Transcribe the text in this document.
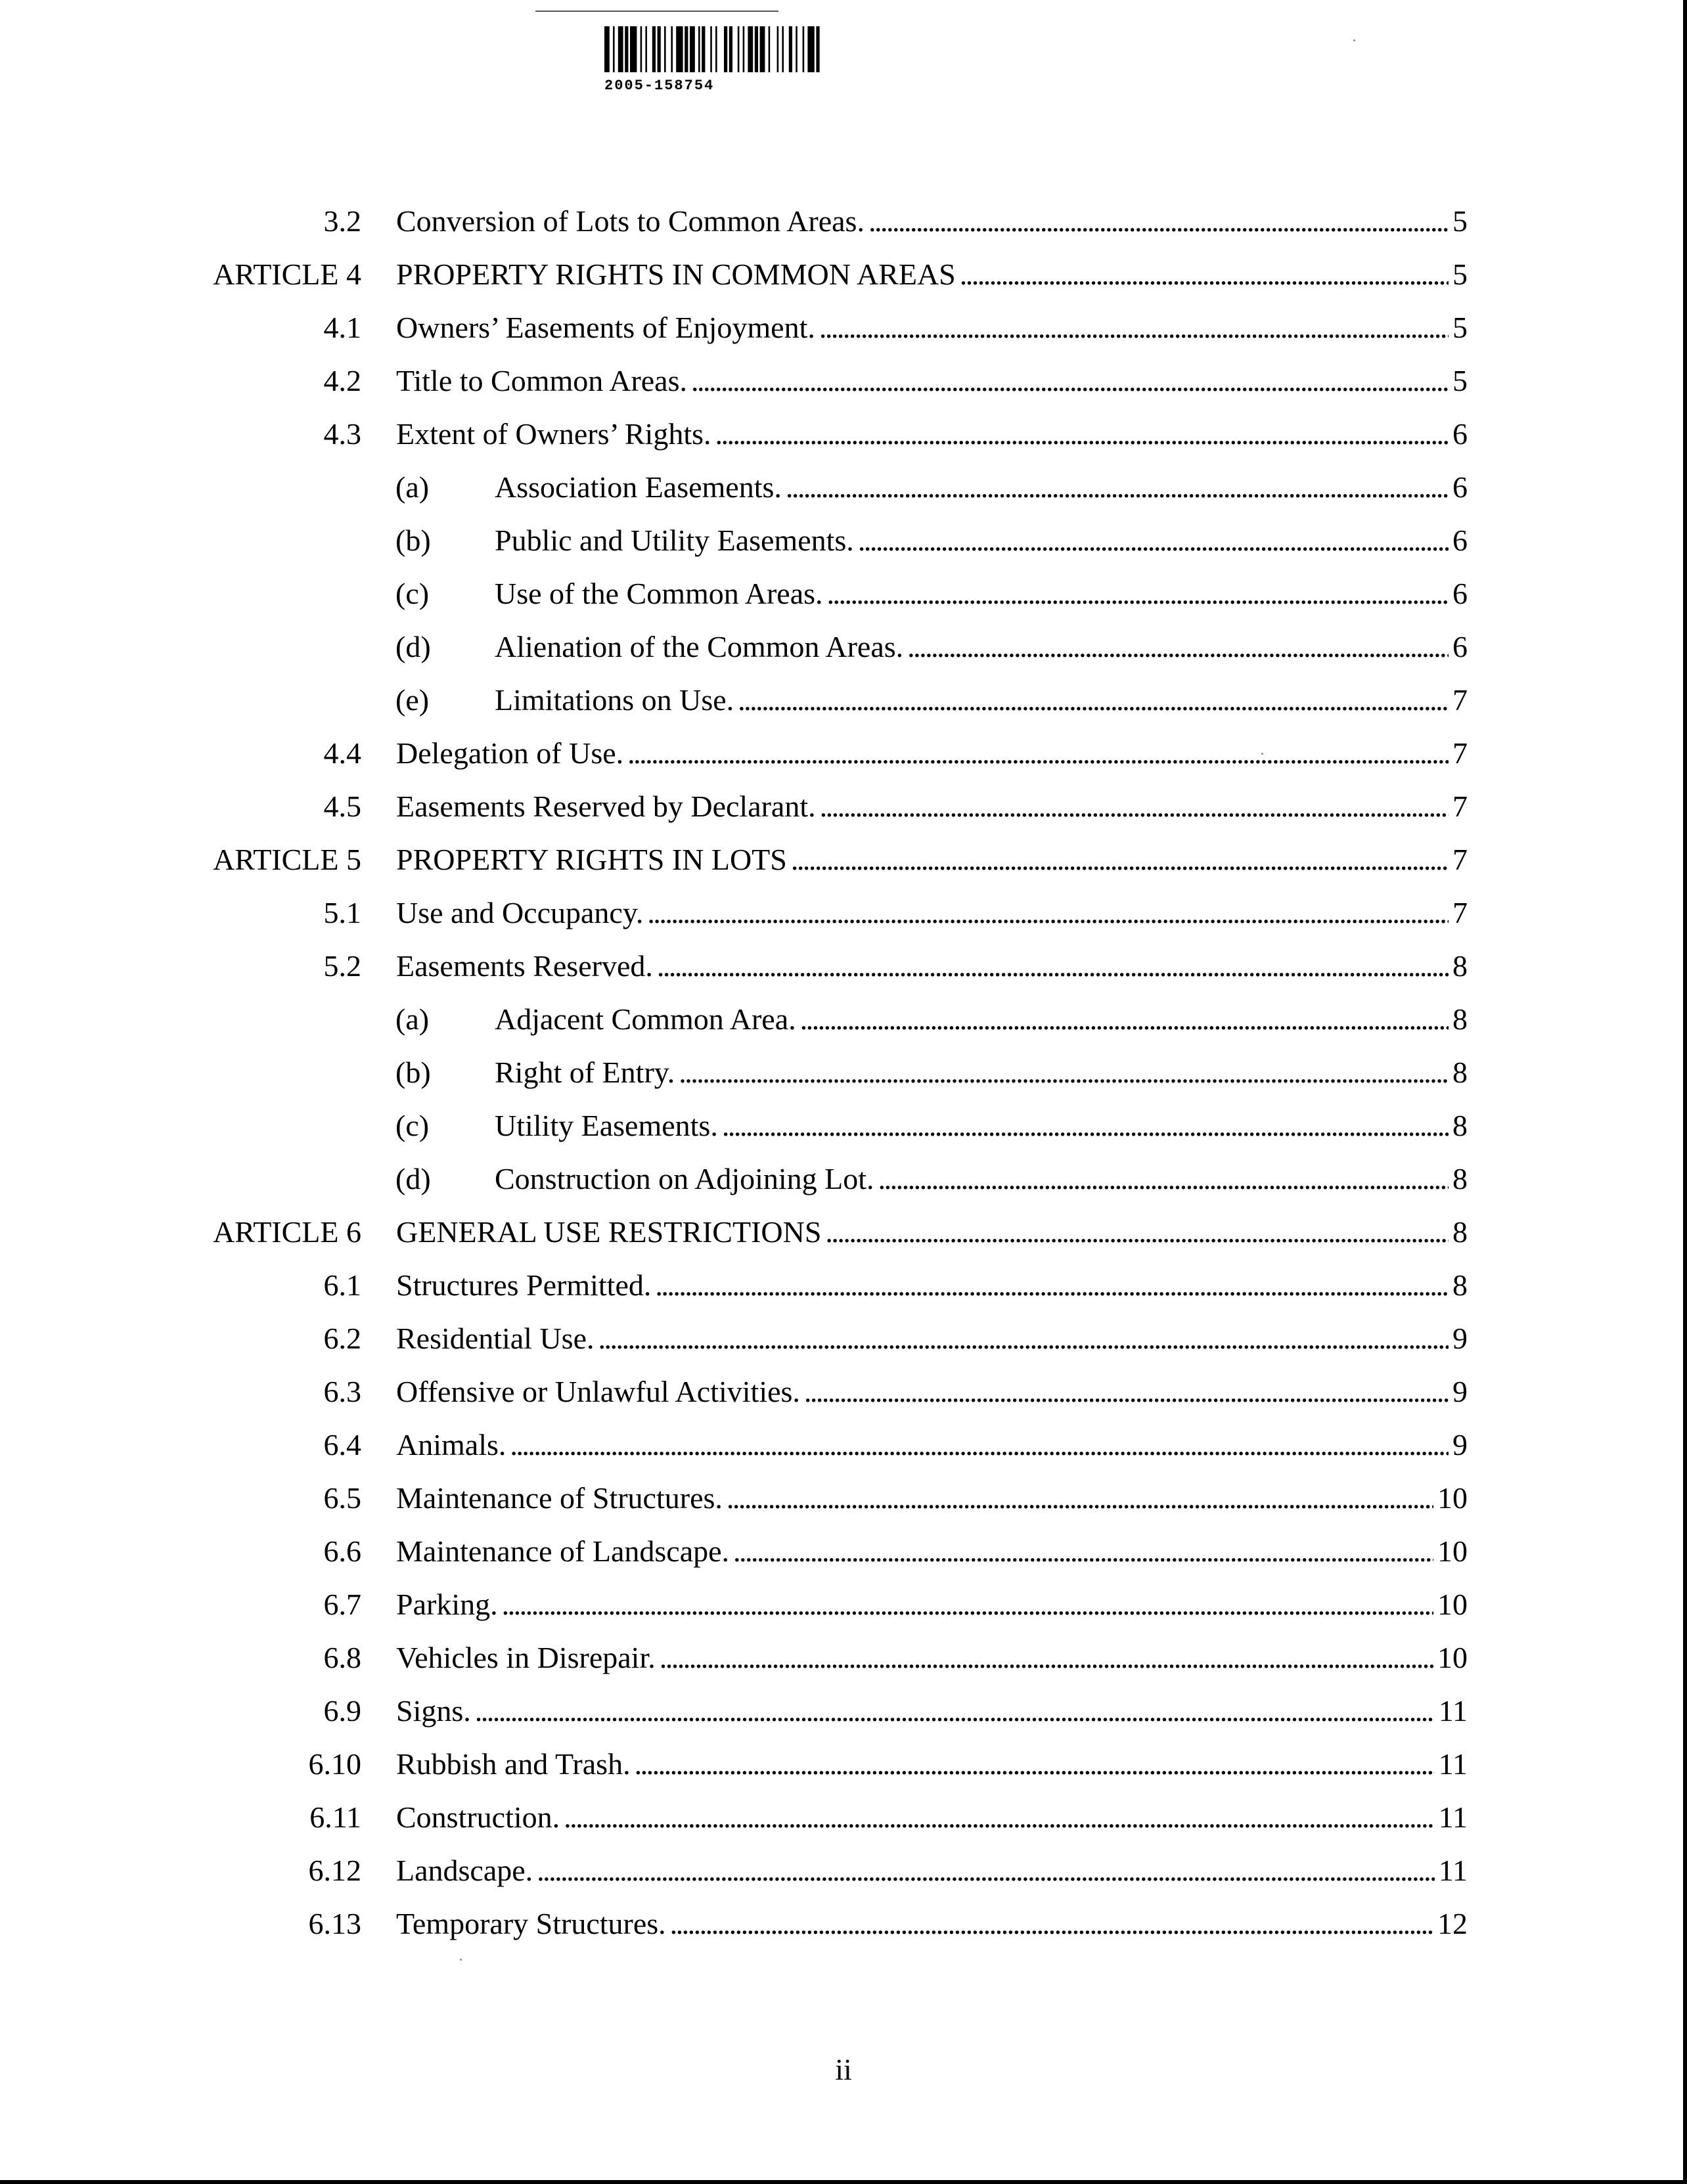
2005-158754
3.2 Conversion of Lots to Common Areas. . . .	5
ARTICLE 4 PROPERTY RIGHTS IN COMMON AREAS . . .	5
4.1 Owners’ Easements of Enjoyment. . . .	5
4.2 Title to Common Areas. . . .	5
4.3 Extent of Owners’ Rights. . . .	6
(a) Association Easements. . . .	6
(b) Public and Utility Easements. . . .	6
(c) Use of the Common Areas. . . .	6
(d) Alienation of the Common Areas. . . .	6
(e) Limitations on Use. . . .	7
4.4 Delegation of Use. . . .	7
4.5 Easements Reserved by Declarant. . . .	7
ARTICLE 5 PROPERTY RIGHTS IN LOTS . . .	7
5.1 Use and Occupancy. . . .	7
5.2 Easements Reserved. . . .	8
(a) Adjacent Common Area. . . .	8
(b) Right of Entry. . . .	8
(c) Utility Easements. . . .	8
(d) Construction on Adjoining Lot. . . .	8
ARTICLE 6 GENERAL USE RESTRICTIONS . . .	8
6.1 Structures Permitted. . . .	8
6.2 Residential Use. . . .	9
6.3 Offensive or Unlawful Activities. . . .	9
6.4 Animals. . . .	9
6.5 Maintenance of Structures. . . .	10
6.6 Maintenance of Landscape. . . .	10
6.7 Parking. . . .	10
6.8 Vehicles in Disrepair. . . .	10
6.9 Signs. . . .	11
6.10 Rubbish and Trash. . . .	11
6.11 Construction. . . .	11
6.12 Landscape. . . .	11
6.13 Temporary Structures. . . .	12
ii
